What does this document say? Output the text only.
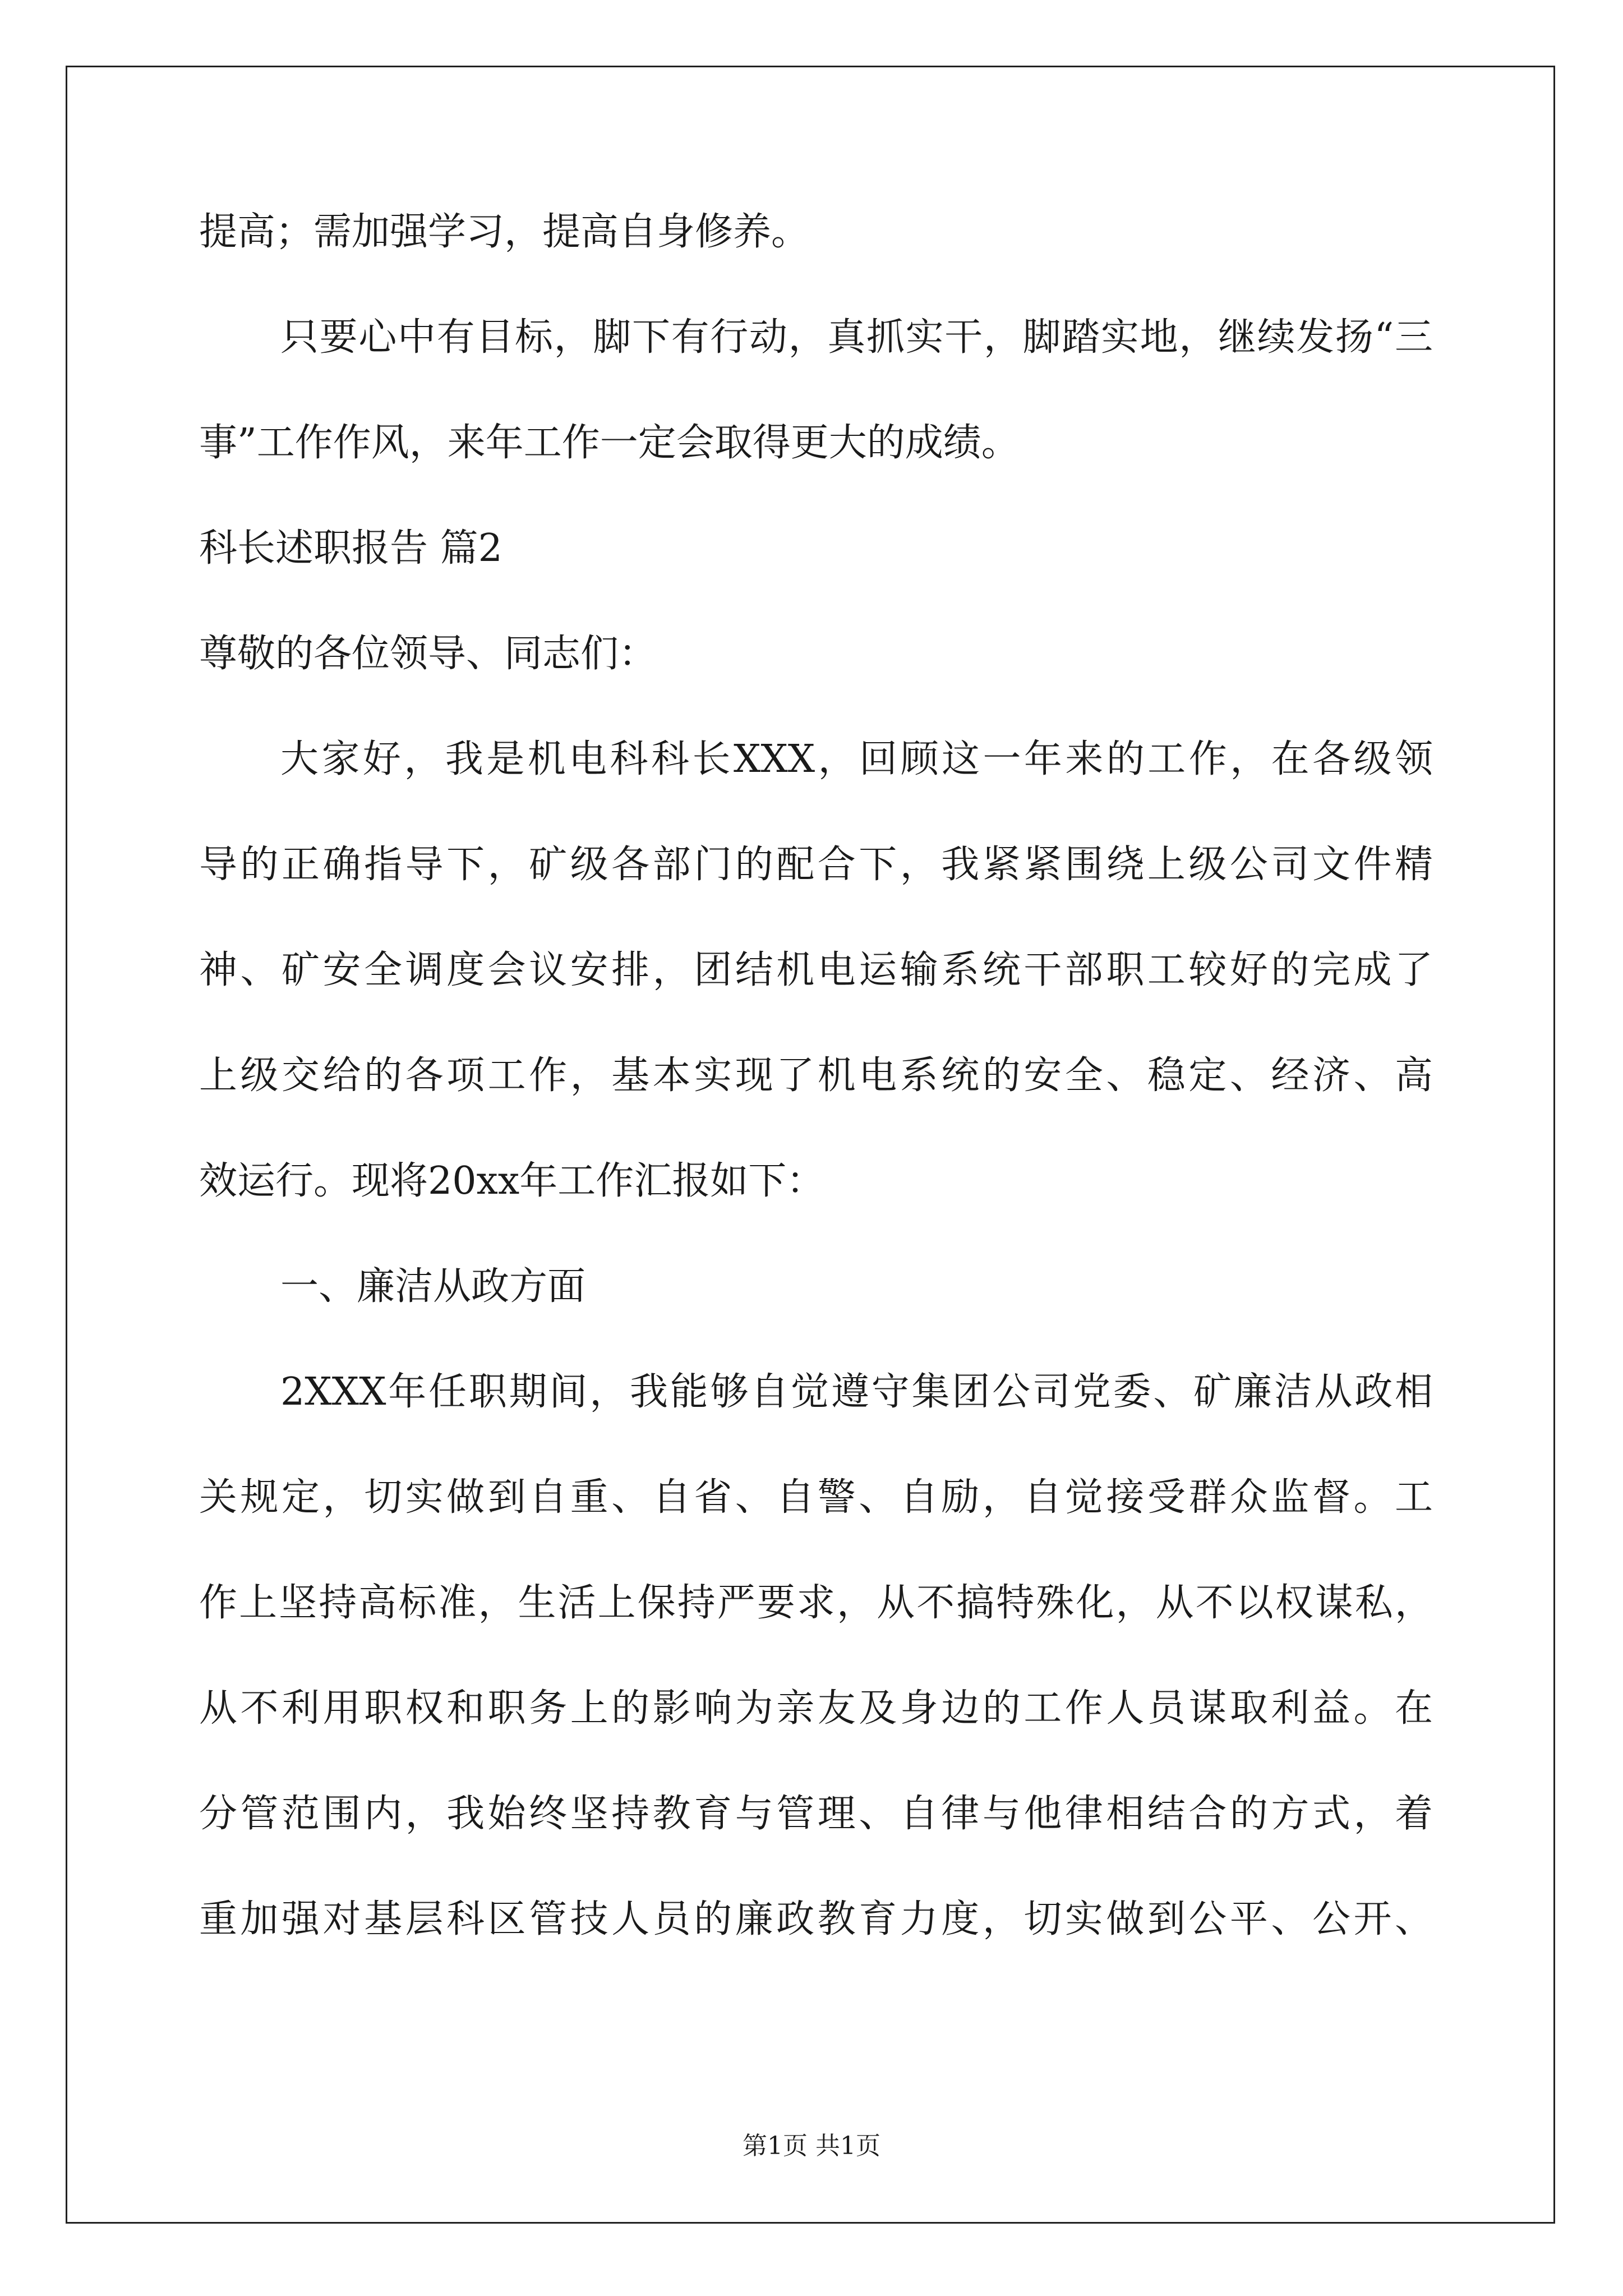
提高；需加强学习，提高自身修养。
只要心中有目标，脚下有行动，真抓实干，脚踏实地，继续发扬“三
事”工作作风，来年工作一定会取得更大的成绩。
科长述职报告 篇2
尊敬的各位领导、同志们：
大家好，我是机电科科长XXX，回顾这一年来的工作，在各级领
导的正确指导下，矿级各部门的配合下，我紧紧围绕上级公司文件精
神、矿安全调度会议安排，团结机电运输系统干部职工较好的完成了
上级交给的各项工作，基本实现了机电系统的安全、稳定、经济、高
效运行。现将20xx年工作汇报如下：
一、廉洁从政方面
2XXX年任职期间，我能够自觉遵守集团公司党委、矿廉洁从政相
关规定，切实做到自重、自省、自警、自励，自觉接受群众监督。工
作上坚持高标准，生活上保持严要求，从不搞特殊化，从不以权谋私，
从不利用职权和职务上的影响为亲友及身边的工作人员谋取利益。在
分管范围内，我始终坚持教育与管理、自律与他律相结合的方式，着
重加强对基层科区管技人员的廉政教育力度，切实做到公平、公开、
第1页 共1页
